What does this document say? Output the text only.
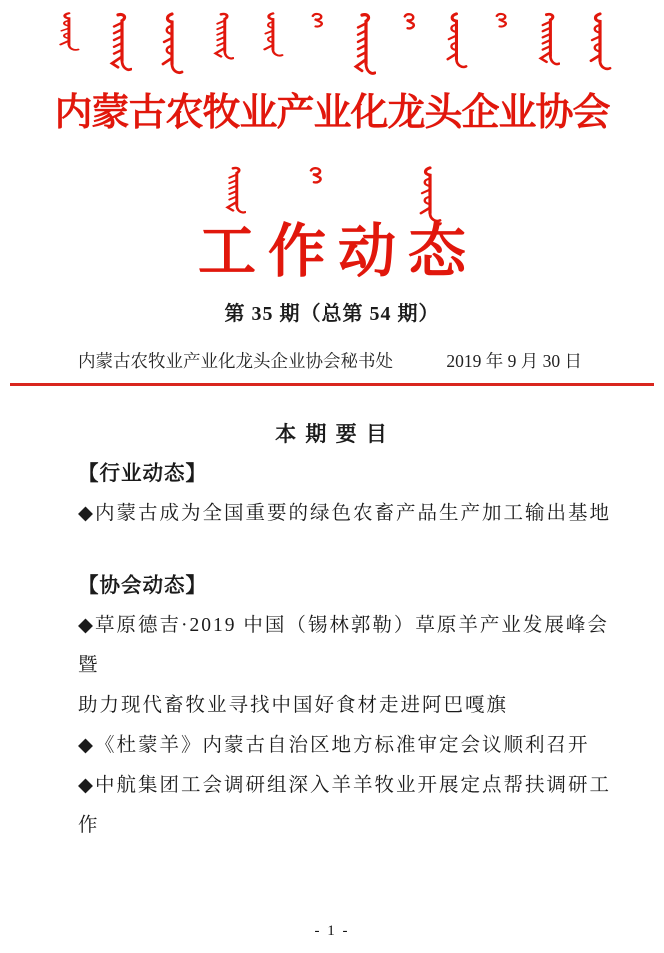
内蒙古农牧业产业化龙头企业协会
工作动态
第 35 期（总第 54 期）
内蒙古农牧业产业化龙头企业协会秘书处	2019 年 9 月 30 日
本 期 要 目
【行业动态】
◆内蒙古成为全国重要的绿色农畜产品生产加工输出基地
【协会动态】
◆草原德吉·2019 中国（锡林郭勒）草原羊产业发展峰会暨
助力现代畜牧业寻找中国好食材走进阿巴嘎旗
◆《杜蒙羊》内蒙古自治区地方标准审定会议顺利召开
◆中航集团工会调研组深入羊羊牧业开展定点帮扶调研工
作
- 1 -
